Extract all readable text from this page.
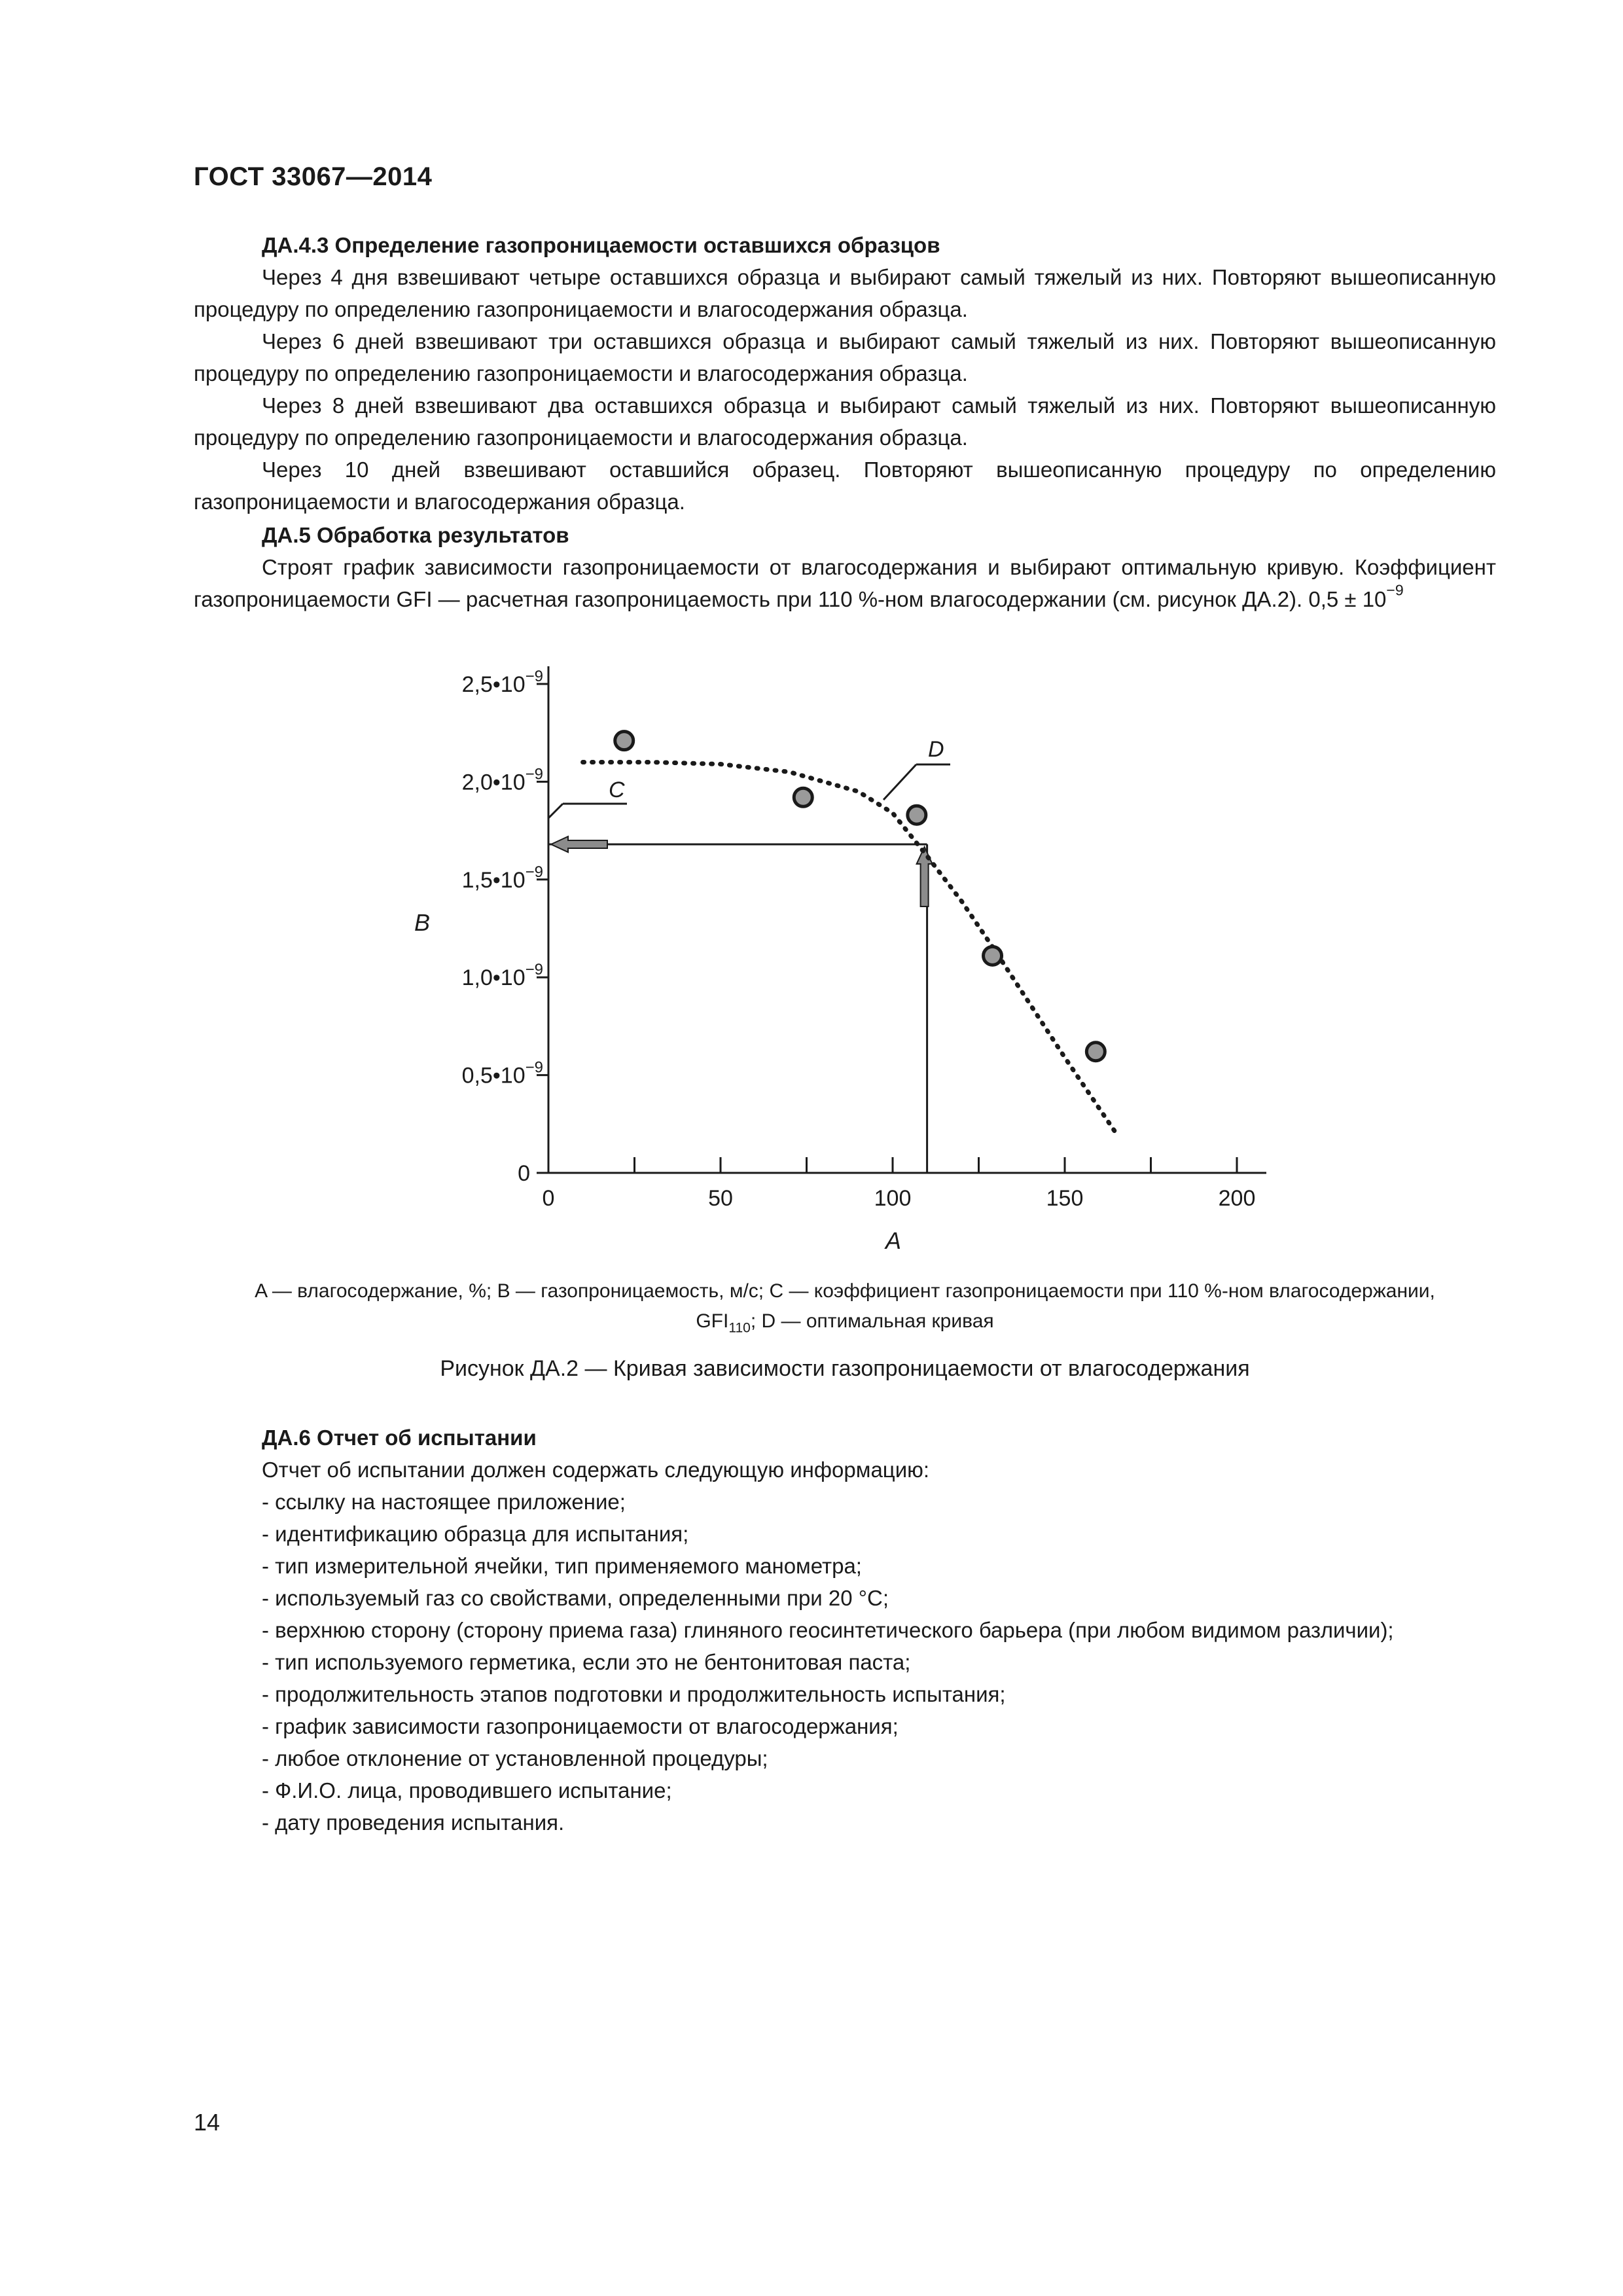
ГОСТ 33067—2014
ДА.4.3 Определение газопроницаемости оставшихся образцов
Через 4 дня взвешивают четыре оставшихся образца и выбирают самый тяжелый из них. Повторяют вышеописанную процедуру по определению газопроницаемости и влагосодержания образца.
Через 6 дней взвешивают три оставшихся образца и выбирают самый тяжелый из них. Повторяют вышеописанную процедуру по определению газопроницаемости и влагосодержания образца.
Через 8 дней взвешивают два оставшихся образца и выбирают самый тяжелый из них. Повторяют вышеописанную процедуру по определению газопроницаемости и влагосодержания образца.
Через 10 дней взвешивают оставшийся образец. Повторяют вышеописанную процедуру по определению газопроницаемости и влагосодержания образца.
ДА.5 Обработка результатов
Строят график зависимости газопроницаемости от влагосодержания и выбирают оптимальную кривую. Коэффициент газопроницаемости GFI — расчетная газопроницаемость при 110 %-ном влагосодержании (см. рисунок ДА.2). $0,5 \pm 10^{-9}$
0
$0,5•10^{-9}$
$1,0•10^{-9}$
$1,5•10^{-9}$
$2,0•10^{-9}$
$2,5•10^{-9}$
0	50	100	150	200
C
D
A
B
A — влагосодержание, %; B — газопроницаемость, м/с; C — коэффициент газопроницаемости при 110 %-ном влагосодержании,
$GFI_{110}$; D — оптимальная кривая
Рисунок ДА.2 — Кривая зависимости газопроницаемости от влагосодержания
ДА.6 Отчет об испытании
Отчет об испытании должен содержать следующую информацию:
- ссылку на настоящее приложение;
- идентификацию образца для испытания;
- тип измерительной ячейки, тип применяемого манометра;
- используемый газ со свойствами, определенными при 20 °С;
- верхнюю сторону (сторону приема газа) глиняного геосинтетического барьера (при любом видимом различии);
- тип используемого герметика, если это не бентонитовая паста;
- продолжительность этапов подготовки и продолжительность испытания;
- график зависимости газопроницаемости от влагосодержания;
- любое отклонение от установленной процедуры;
- Ф.И.О. лица, проводившего испытание;
- дату проведения испытания.
14
